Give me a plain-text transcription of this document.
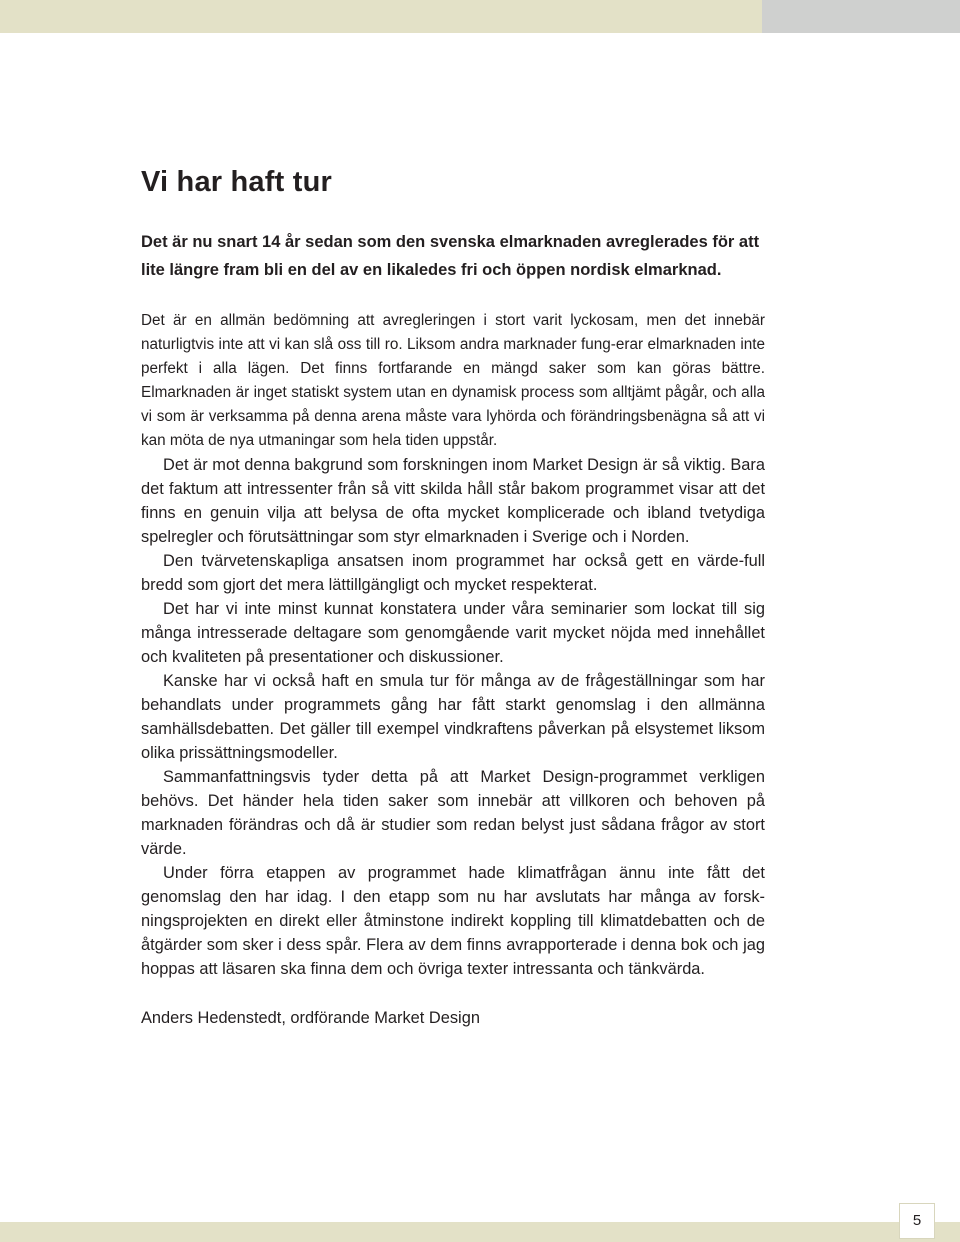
Vi har haft tur

Det är nu snart 14 år sedan som den svenska elmarknaden avreglerades för att lite längre fram bli en del av en likaledes fri och öppen nordisk elmarknad.

Det är en allmän bedömning att avregleringen i stort varit lyckosam, men det innebär naturligtvis inte att vi kan slå oss till ro. Liksom andra marknader fung-erar elmarknaden inte perfekt i alla lägen. Det finns fortfarande en mängd saker som kan göras bättre. Elmarknaden är inget statiskt system utan en dynamisk process som alltjämt pågår, och alla vi som är verksamma på denna arena måste vara lyhörda och förändringsbenägna så att vi kan möta de nya utmaningar som hela tiden uppstår.

Det är mot denna bakgrund som forskningen inom Market Design är så viktig. Bara det faktum att intressenter från så vitt skilda håll står bakom programmet visar att det finns en genuin vilja att belysa de ofta mycket komplicerade och ibland tvetydiga spelregler och förutsättningar som styr elmarknaden i Sverige och i Norden.

Den tvärvetenskapliga ansatsen inom programmet har också gett en värde-full bredd som gjort det mera lättillgängligt och mycket respekterat.

Det har vi inte minst kunnat konstatera under våra seminarier som lockat till sig många intresserade deltagare som genomgående varit mycket nöjda med innehållet och kvaliteten på presentationer och diskussioner.

Kanske har vi också haft en smula tur för många av de frågeställningar som har behandlats under programmets gång har fått starkt genomslag i den allmänna samhällsdebatten. Det gäller till exempel vindkraftens påverkan på elsystemet liksom olika prissättningsmodeller.

Sammanfattningsvis tyder detta på att Market Design-programmet verkligen behövs. Det händer hela tiden saker som innebär att villkoren och behoven på marknaden förändras och då är studier som redan belyst just sådana frågor av stort värde.

Under förra etappen av programmet hade klimatfrågan ännu inte fått det genomslag den har idag. I den etapp som nu har avslutats har många av forsk-ningsprojekten en direkt eller åtminstone indirekt koppling till klimatdebatten och de åtgärder som sker i dess spår. Flera av dem finns avrapporterade i denna bok och jag hoppas att läsaren ska finna dem och övriga texter intressanta och tänkvärda.

Anders Hedenstedt, ordförande Market Design

5
